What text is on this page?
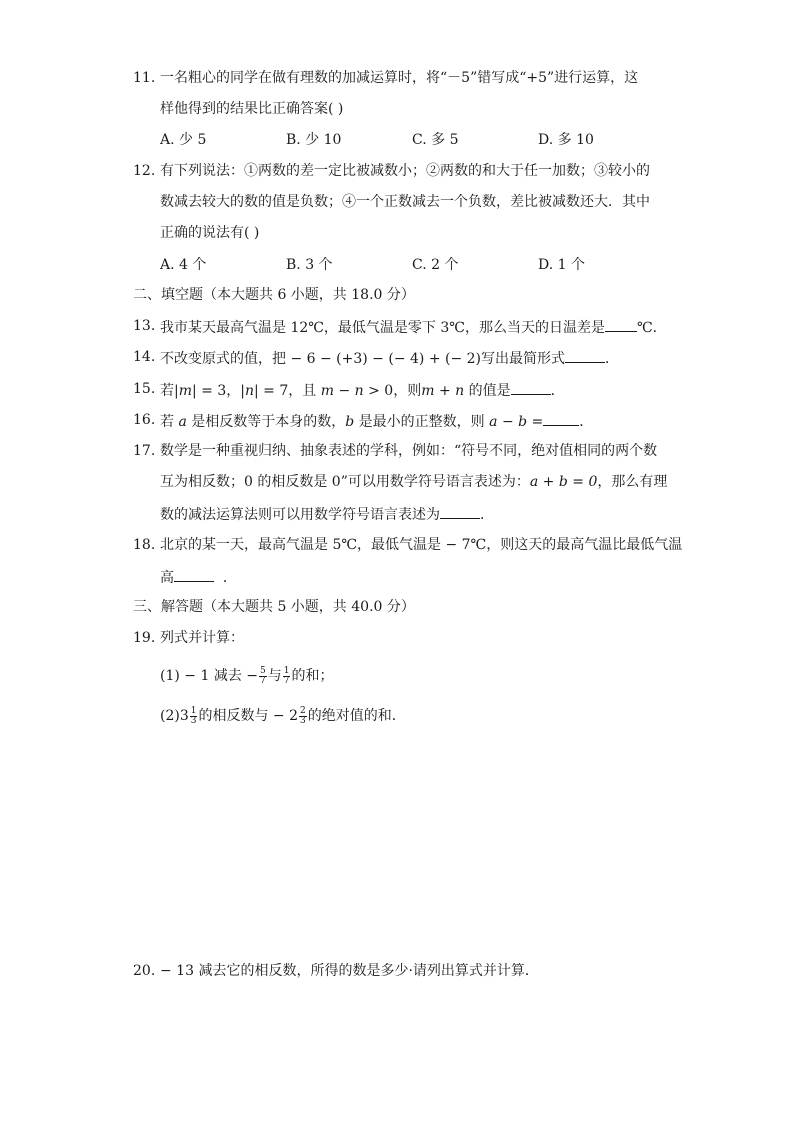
11. 一名粗心的同学在做有理数的加减运算时，将“－5”错写成“+5”进行运算，这
样他得到的结果比正确答案( )
A. 少 5	B. 少 10	C. 多 5	D. 多 10
12. 有下列说法：①两数的差一定比被减数小；②两数的和大于任一加数；③较小的
数减去较大的数的值是负数；④一个正数减去一个负数，差比被减数还大．其中
正确的说法有( )
A. 4 个	B. 3 个	C. 2 个	D. 1 个
二、填空题（本大题共 6 小题，共 18.0 分）
13. 我市某天最高气温是 12℃，最低气温是零下 3℃，那么当天的日温差是 ℃.
14. 不改变原式的值，把 − 6 − (+3) − (− 4) + (− 2)写出最简形式	．
15. 若|m| = 3，|n| = 7，且 m − n > 0，则m + n 的值是	．
16. 若 a 是相反数等于本身的数，b 是最小的正整数，则 a − b =	．
17. 数学是一种重视归纳、抽象表述的学科，例如：“符号不同，绝对值相同的两个数
互为相反数；0 的相反数是 0”可以用数学符号语言表述为：a + b = 0，那么有理
数的减法运算法则可以用数学符号语言表述为	．
18. 北京的某一天，最高气温是 5℃，最低气温是 − 7℃，则这天的最高气温比最低气温
高	．
三、解答题（本大题共 5 小题，共 40.0 分）
19. 列式并计算：
(1) − 1 减去 − $\frac{5}{7}$ 与 $\frac{1}{7}$ 的和；
$(2)3 \frac{1}{3}$ 的相反数与 − $2 \frac{2}{3}$ 的绝对值的和．
20. − 13 减去它的相反数，所得的数是多少·请列出算式并计算．
